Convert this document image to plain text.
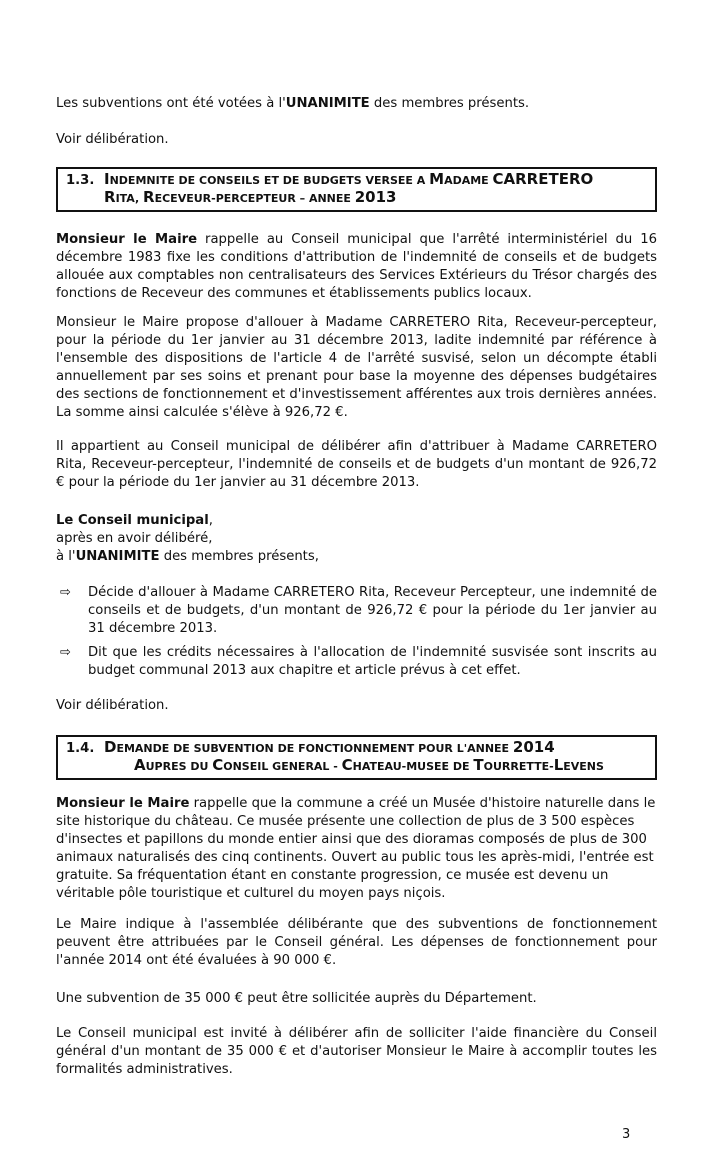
Les subventions ont été votées à l'UNANIMITE des membres présents.

Voir délibération.

1.3. INDEMNITE DE CONSEILS ET DE BUDGETS VERSEE A MADAME CARRETERO
RITA, RECEVEUR-PERCEPTEUR – ANNEE 2013

Monsieur le Maire rappelle au Conseil municipal que l'arrêté interministériel du 16 décembre 1983 fixe les conditions d'attribution de l'indemnité de conseils et de budgets allouée aux comptables non centralisateurs des Services Extérieurs du Trésor chargés des fonctions de Receveur des communes et établissements publics locaux.

Monsieur le Maire propose d'allouer à Madame CARRETERO Rita, Receveur-percepteur, pour la période du 1er janvier au 31 décembre 2013, ladite indemnité par référence à l'ensemble des dispositions de l'article 4 de l'arrêté susvisé, selon un décompte établi annuellement par ses soins et prenant pour base la moyenne des dépenses budgétaires des sections de fonctionnement et d'investissement afférentes aux trois dernières années. La somme ainsi calculée s'élève à 926,72 €.

Il appartient au Conseil municipal de délibérer afin d'attribuer à Madame CARRETERO Rita, Receveur-percepteur, l'indemnité de conseils et de budgets d'un montant de 926,72 € pour la période du 1er janvier au 31 décembre 2013.

Le Conseil municipal,

après en avoir délibéré,

à l'UNANIMITE des membres présents,

⇨ Décide d'allouer à Madame CARRETERO Rita, Receveur Percepteur, une indemnité de conseils et de budgets, d'un montant de 926,72 € pour la période du 1er janvier au 31 décembre 2013.
⇨ Dit que les crédits nécessaires à l'allocation de l'indemnité susvisée sont inscrits au budget communal 2013 aux chapitre et article prévus à cet effet.

Voir délibération.

1.4. DEMANDE DE SUBVENTION DE FONCTIONNEMENT POUR L'ANNEE 2014
AUPRES DU CONSEIL GENERAL - CHATEAU-MUSEE DE TOURRETTE-LEVENS

Monsieur le Maire rappelle que la commune a créé un Musée d'histoire naturelle dans le site historique du château. Ce musée présente une collection de plus de 3 500 espèces d'insectes et papillons du monde entier ainsi que des dioramas composés de plus de 300 animaux naturalisés des cinq continents. Ouvert au public tous les après-midi, l'entrée est gratuite. Sa fréquentation étant en constante progression, ce musée est devenu un véritable pôle touristique et culturel du moyen pays niçois.

Le Maire indique à l'assemblée délibérante que des subventions de fonctionnement peuvent être attribuées par le Conseil général. Les dépenses de fonctionnement pour l'année 2014 ont été évaluées à 90 000 €.

Une subvention de 35 000 € peut être sollicitée auprès du Département.

Le Conseil municipal est invité à délibérer afin de solliciter l'aide financière du Conseil général d'un montant de 35 000 € et d'autoriser Monsieur le Maire à accomplir toutes les formalités administratives.

3
